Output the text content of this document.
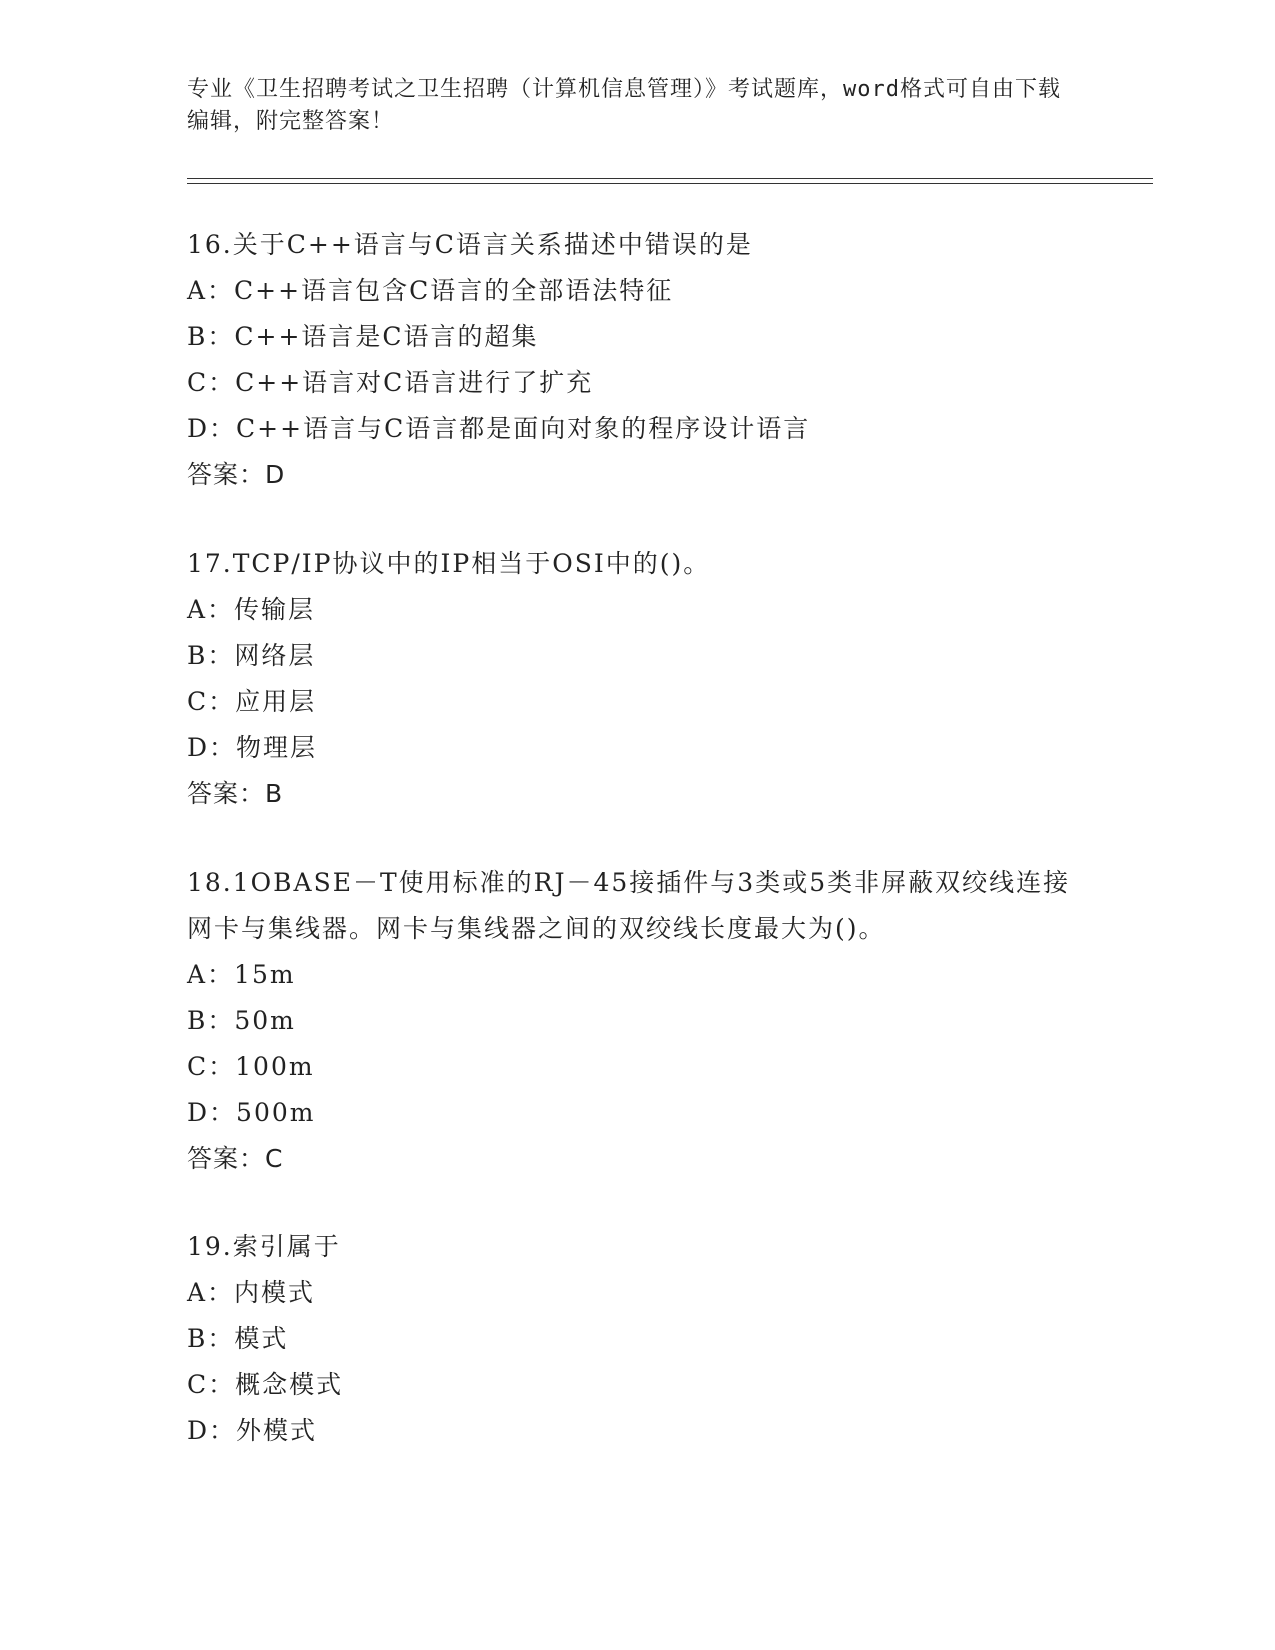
专业《卫生招聘考试之卫生招聘（计算机信息管理）》考试题库，word格式可自由下载编辑，附完整答案！

16.关于C++语言与C语言关系描述中错误的是

A：C++语言包含C语言的全部语法特征

B：C++语言是C语言的超集

C：C++语言对C语言进行了扩充

D：C++语言与C语言都是面向对象的程序设计语言

答案：D

17.TCP/IP协议中的IP相当于OSI中的()。

A：传输层

B：网络层

C：应用层

D：物理层

答案：B

18.1OBASE－T使用标准的RJ－45接插件与3类或5类非屏蔽双绞线连接网卡与集线器。网卡与集线器之间的双绞线长度最大为()。

A：15m

B：50m

C：100m

D：500m

答案：C

19.索引属于

A：内模式

B：模式

C：概念模式

D：外模式
